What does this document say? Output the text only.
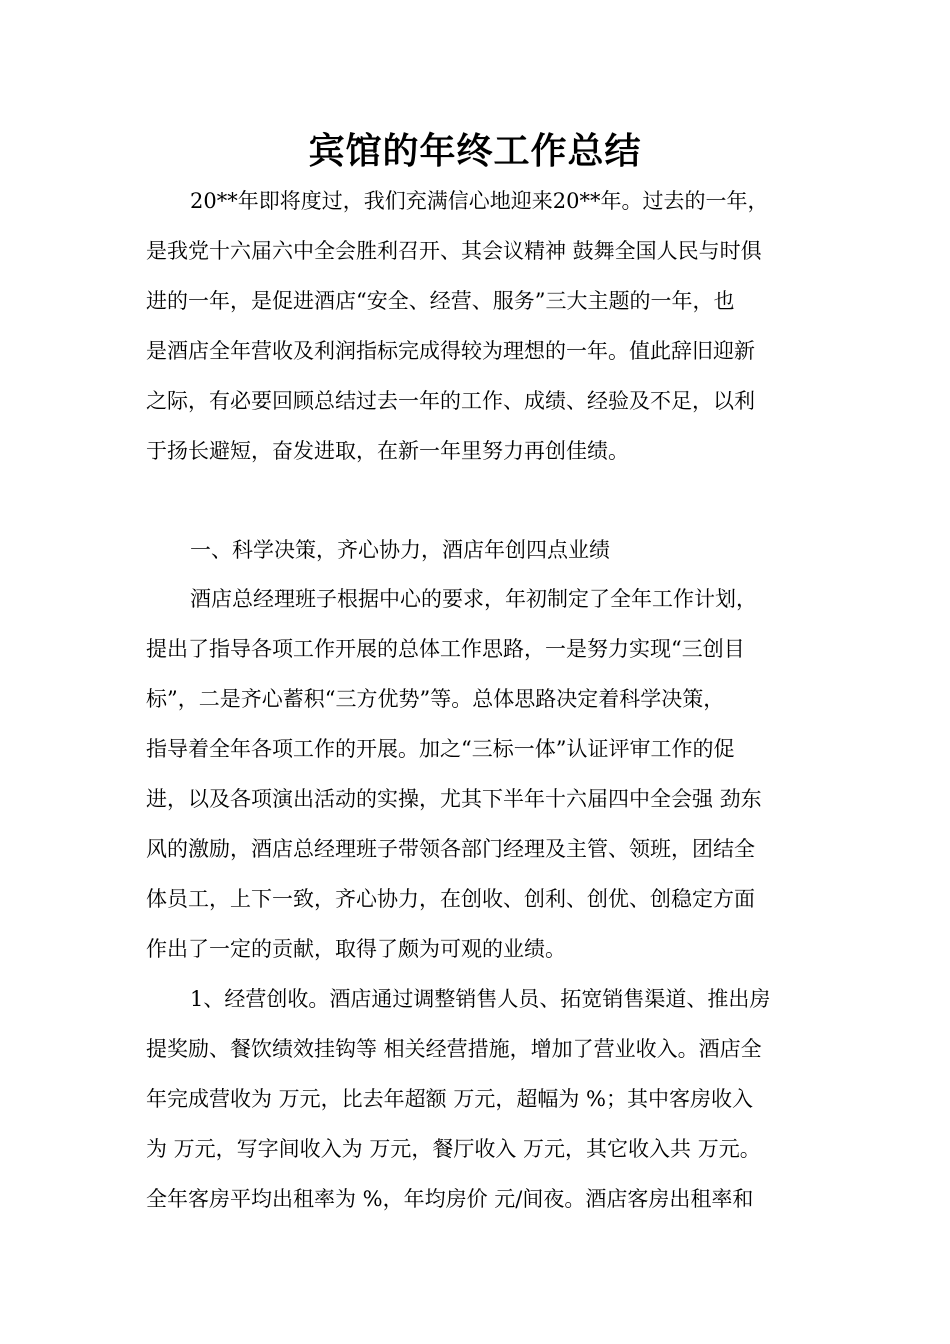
宾馆的年终工作总结

20**年即将度过，我们充满信心地迎来20**年。过去的一年，

是我党十六届六中全会胜利召开、其会议精神 鼓舞全国人民与时俱

进的一年，是促进酒店“安全、经营、服务”三大主题的一年，也

是酒店全年营收及利润指标完成得较为理想的一年。值此辞旧迎新

之际，有必要回顾总结过去一年的工作、成绩、经验及不足，以利

于扬长避短，奋发进取，在新一年里努力再创佳绩。

一、科学决策，齐心协力，酒店年创四点业绩

酒店总经理班子根据中心的要求，年初制定了全年工作计划，

提出了指导各项工作开展的总体工作思路，一是努力实现“三创目

标”，二是齐心蓄积“三方优势”等。总体思路决定着科学决策，

指导着全年各项工作的开展。加之“三标一体”认证评审工作的促

进，以及各项演出活动的实操，尤其下半年十六届四中全会强 劲东

风的激励，酒店总经理班子带领各部门经理及主管、领班，团结全

体员工，上下一致，齐心协力，在创收、创利、创优、创稳定方面

作出了一定的贡献，取得了颇为可观的业绩。

1、经营创收。酒店通过调整销售人员、拓宽销售渠道、推出房

提奖励、餐饮绩效挂钩等 相关经营措施，增加了营业收入。酒店全

年完成营收为 万元，比去年超额 万元，超幅为 %；其中客房收入

为 万元，写字间收入为 万元，餐厅收入 万元，其它收入共 万元。

全年客房平均出租率为 %，年均房价 元/间夜。酒店客房出租率和
